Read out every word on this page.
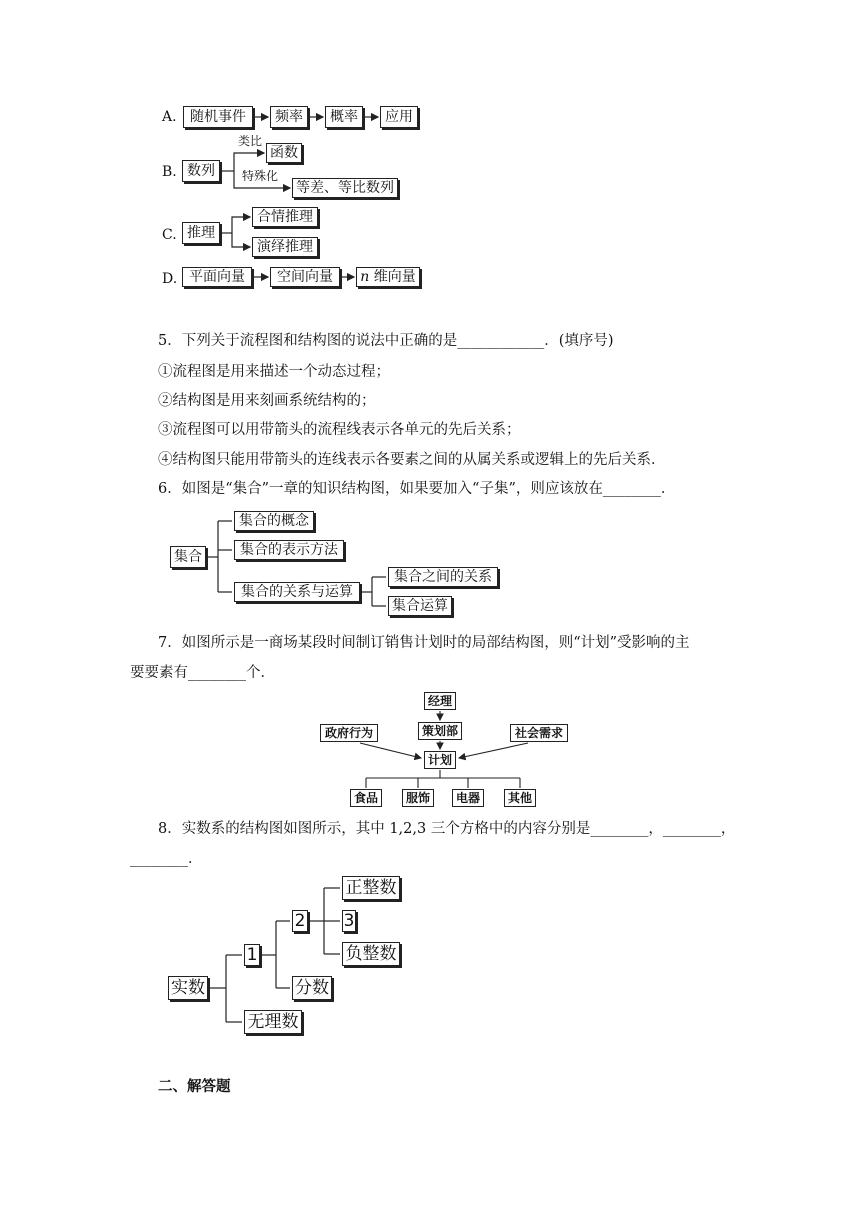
A. 随机事件	频率	概率	应用
B. 数列
类比
函数
特殊化
等差、等比数列
C. 推理
合情推理
演绎推理
D. 平面向量	空间向量	n 维向量
5．下列关于流程图和结构图的说法中正确的是____________．(填序号)
①流程图是用来描述一个动态过程；
②结构图是用来刻画系统结构的；
③流程图可以用带箭头的流程线表示各单元的先后关系；
④结构图只能用带箭头的连线表示各要素之间的从属关系或逻辑上的先后关系．
6．如图是“集合”一章的知识结构图，如果要加入“子集”，则应该放在________．
集合
集合的概念
集合的表示方法
集合的关系与运算
集合之间的关系
集合运算
7．如图所示是一商场某段时间制订销售计划时的局部结构图，则“计划”受影响的主
要要素有________个．
经理
策划部
政府行为	社会需求
计划
食品	服饰	电器	其他
8．实数系的结构图如图所示，其中 1,2,3 三个方格中的内容分别是________，________，
________．
实数
1
2 3
正整数
负整数
分数
无理数
二、解答题
